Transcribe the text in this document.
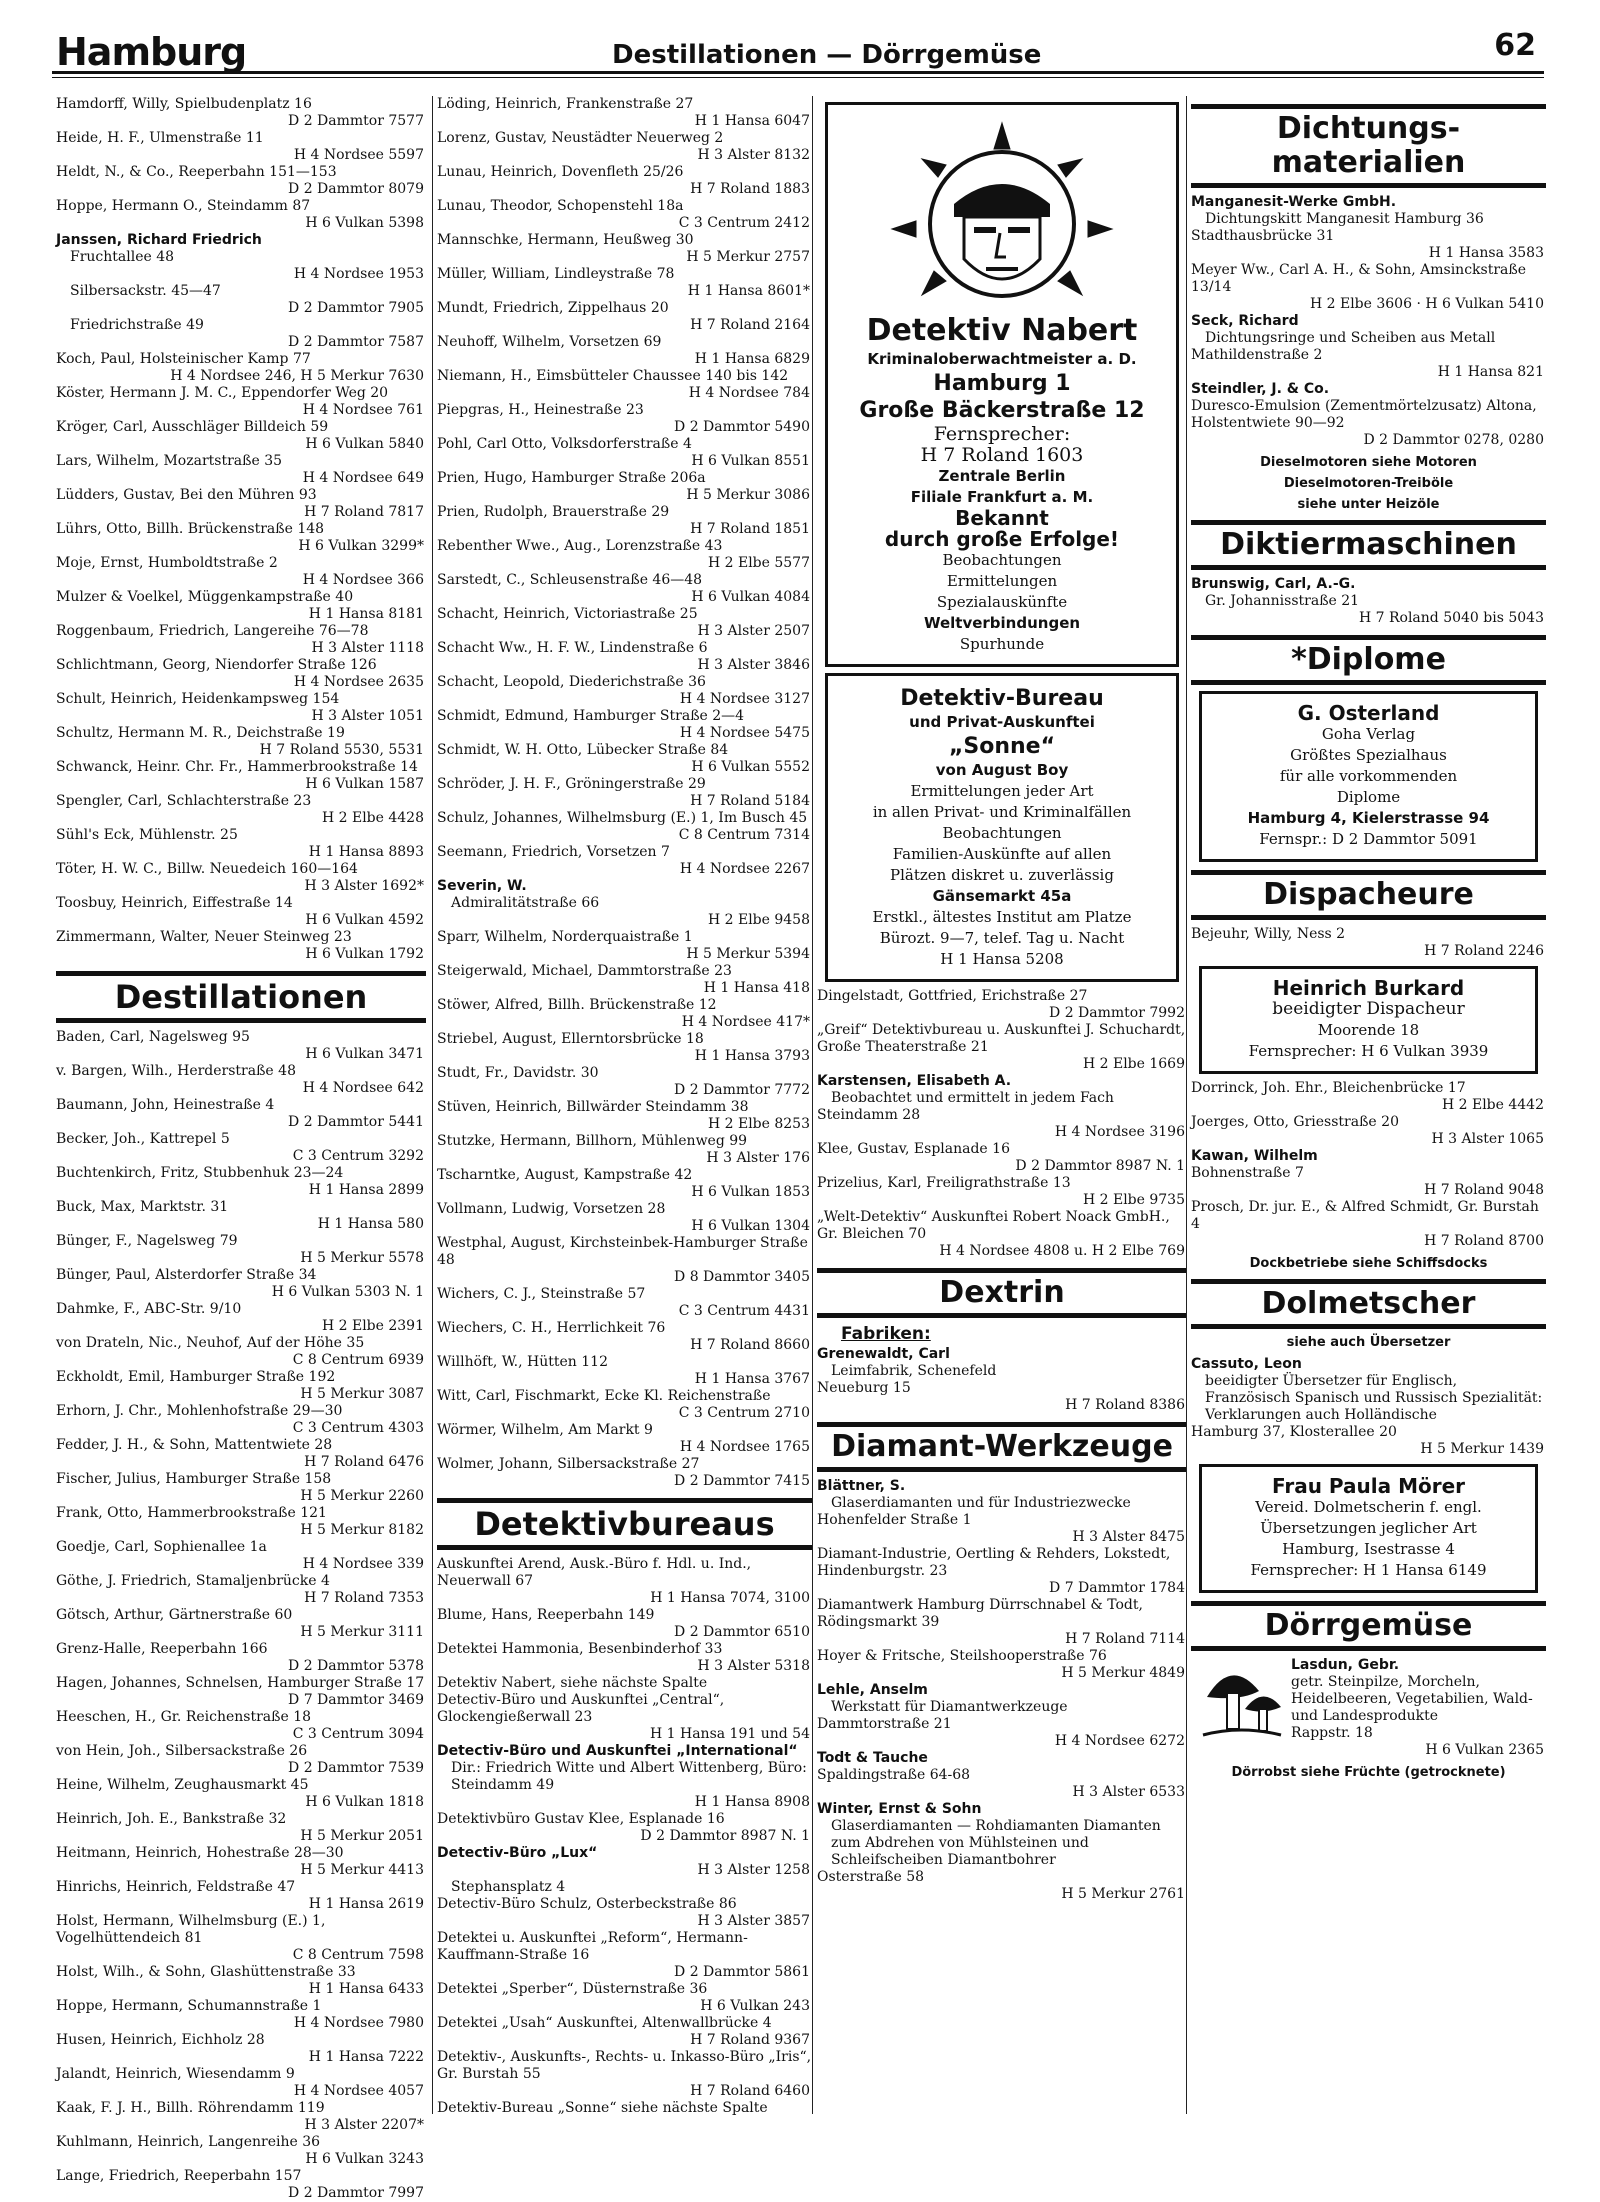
Hamburg	Destillationen — Dörrgemüse	62

Hamdorff, Willy, Spielbudenplatz 16
D 2 Dammtor 7577

Heide, H. F., Ulmenstraße 11
H 4 Nordsee 5597

Heldt, N., & Co., Reeperbahn 151—153
D 2 Dammtor 8079

Hoppe, Hermann O., Steindamm 87
H 6 Vulkan 5398

Janssen, Richard Friedrich

Fruchtallee 48
H 4 Nordsee 1953

Silbersackstr. 45—47
D 2 Dammtor 7905

Friedrichstraße 49
D 2 Dammtor 7587

Koch, Paul, Holsteinischer Kamp 77
H 4 Nordsee 246, H 5 Merkur 7630

Köster, Hermann J. M. C., Eppendorfer Weg 20
H 4 Nordsee 761

Kröger, Carl, Ausschläger Billdeich 59
H 6 Vulkan 5840

Lars, Wilhelm, Mozartstraße 35
H 4 Nordsee 649

Lüdders, Gustav, Bei den Mühren 93
H 7 Roland 7817

Lührs, Otto, Billh. Brückenstraße 148
H 6 Vulkan 3299*

Moje, Ernst, Humboldtstraße 2
H 4 Nordsee 366

Mulzer & Voelkel, Müggenkampstraße 40
H 1 Hansa 8181

Roggenbaum, Friedrich, Langereihe 76—78
H 3 Alster 1118

Schlichtmann, Georg, Niendorfer Straße 126
H 4 Nordsee 2635

Schult, Heinrich, Heidenkampsweg 154
H 3 Alster 1051

Schultz, Hermann M. R., Deichstraße 19
H 7 Roland 5530, 5531

Schwanck, Heinr. Chr. Fr., Hammerbrookstraße 14
H 6 Vulkan 1587

Spengler, Carl, Schlachterstraße 23
H 2 Elbe 4428

Sühl's Eck, Mühlenstr. 25
H 1 Hansa 8893

Töter, H. W. C., Billw. Neuedeich 160—164
H 3 Alster 1692*

Toosbuy, Heinrich, Eiffestraße 14
H 6 Vulkan 4592

Zimmermann, Walter, Neuer Steinweg 23
H 6 Vulkan 1792

Destillationen

Baden, Carl, Nagelsweg 95
H 6 Vulkan 3471

v. Bargen, Wilh., Herderstraße 48
H 4 Nordsee 642

Baumann, John, Heinestraße 4
D 2 Dammtor 5441

Becker, Joh., Kattrepel 5
C 3 Centrum 3292

Buchtenkirch, Fritz, Stubbenhuk 23—24
H 1 Hansa 2899

Buck, Max, Marktstr. 31
H 1 Hansa 580

Bünger, F., Nagelsweg 79
H 5 Merkur 5578

Bünger, Paul, Alsterdorfer Straße 34
H 6 Vulkan 5303 N. 1

Dahmke, F., ABC-Str. 9/10
H 2 Elbe 2391

von Drateln, Nic., Neuhof, Auf der Höhe 35
C 8 Centrum 6939

Eckholdt, Emil, Hamburger Straße 192
H 5 Merkur 3087

Erhorn, J. Chr., Mohlenhofstraße 29—30
C 3 Centrum 4303

Fedder, J. H., & Sohn, Mattentwiete 28
H 7 Roland 6476

Fischer, Julius, Hamburger Straße 158
H 5 Merkur 2260

Frank, Otto, Hammerbrookstraße 121
H 5 Merkur 8182

Goedje, Carl, Sophienallee 1a
H 4 Nordsee 339

Göthe, J. Friedrich, Stamaljenbrücke 4
H 7 Roland 7353

Götsch, Arthur, Gärtnerstraße 60
H 5 Merkur 3111

Grenz-Halle, Reeperbahn 166
D 2 Dammtor 5378

Hagen, Johannes, Schnelsen, Hamburger Straße 17
D 7 Dammtor 3469

Heeschen, H., Gr. Reichenstraße 18
C 3 Centrum 3094

von Hein, Joh., Silbersackstraße 26
D 2 Dammtor 7539

Heine, Wilhelm, Zeughausmarkt 45
H 6 Vulkan 1818

Heinrich, Joh. E., Bankstraße 32
H 5 Merkur 2051

Heitmann, Heinrich, Hohestraße 28—30
H 5 Merkur 4413

Hinrichs, Heinrich, Feldstraße 47
H 1 Hansa 2619

Holst, Hermann, Wilhelmsburg (E.) 1, Vogelhüttendeich 81
C 8 Centrum 7598

Holst, Wilh., & Sohn, Glashüttenstraße 33
H 1 Hansa 6433

Hoppe, Hermann, Schumannstraße 1
H 4 Nordsee 7980

Husen, Heinrich, Eichholz 28
H 1 Hansa 7222

Jalandt, Heinrich, Wiesendamm 9
H 4 Nordsee 4057

Kaak, F. J. H., Billh. Röhrendamm 119
H 3 Alster 2207*

Kuhlmann, Heinrich, Langenreihe 36
H 6 Vulkan 3243

Lange, Friedrich, Reeperbahn 157
D 2 Dammtor 7997

Löding, Heinrich, Frankenstraße 27
H 1 Hansa 6047

Lorenz, Gustav, Neustädter Neuerweg 2
H 3 Alster 8132

Lunau, Heinrich, Dovenfleth 25/26
H 7 Roland 1883

Lunau, Theodor, Schopenstehl 18a
C 3 Centrum 2412

Mannschke, Hermann, Heußweg 30
H 5 Merkur 2757

Müller, William, Lindleystraße 78
H 1 Hansa 8601*

Mundt, Friedrich, Zippelhaus 20
H 7 Roland 2164

Neuhoff, Wilhelm, Vorsetzen 69
H 1 Hansa 6829

Niemann, H., Eimsbütteler Chaussee 140 bis 142
H 4 Nordsee 784

Piepgras, H., Heinestraße 23
D 2 Dammtor 5490

Pohl, Carl Otto, Volksdorferstraße 4
H 6 Vulkan 8551

Prien, Hugo, Hamburger Straße 206a
H 5 Merkur 3086

Prien, Rudolph, Brauerstraße 29
H 7 Roland 1851

Rebenther Wwe., Aug., Lorenzstraße 43
H 2 Elbe 5577

Sarstedt, C., Schleusenstraße 46—48
H 6 Vulkan 4084

Schacht, Heinrich, Victoriastraße 25
H 3 Alster 2507

Schacht Ww., H. F. W., Lindenstraße 6
H 3 Alster 3846

Schacht, Leopold, Diederichstraße 36
H 4 Nordsee 3127

Schmidt, Edmund, Hamburger Straße 2—4
H 4 Nordsee 5475

Schmidt, W. H. Otto, Lübecker Straße 84
H 6 Vulkan 5552

Schröder, J. H. F., Gröningerstraße 29
H 7 Roland 5184

Schulz, Johannes, Wilhelmsburg (E.) 1, Im Busch 45
C 8 Centrum 7314

Seemann, Friedrich, Vorsetzen 7
H 4 Nordsee 2267

Severin, W.

Admiralitätstraße 66
H 2 Elbe 9458

Sparr, Wilhelm, Norderquaistraße 1
H 5 Merkur 5394

Steigerwald, Michael, Dammtorstraße 23
H 1 Hansa 418

Stöwer, Alfred, Billh. Brückenstraße 12
H 4 Nordsee 417*

Striebel, August, Ellerntorsbrücke 18
H 1 Hansa 3793

Studt, Fr., Davidstr. 30
D 2 Dammtor 7772

Stüven, Heinrich, Billwärder Steindamm 38
H 2 Elbe 8253

Stutzke, Hermann, Billhorn, Mühlenweg 99
H 3 Alster 176

Tscharntke, August, Kampstraße 42
H 6 Vulkan 1853

Vollmann, Ludwig, Vorsetzen 28
H 6 Vulkan 1304

Westphal, August, Kirchsteinbek-Hamburger Straße 48
D 8 Dammtor 3405

Wichers, C. J., Steinstraße 57
C 3 Centrum 4431

Wiechers, C. H., Herrlichkeit 76
H 7 Roland 8660

Willhöft, W., Hütten 112
H 1 Hansa 3767

Witt, Carl, Fischmarkt, Ecke Kl. Reichenstraße
C 3 Centrum 2710

Wörmer, Wilhelm, Am Markt 9
H 4 Nordsee 1765

Wolmer, Johann, Silbersackstraße 27
D 2 Dammtor 7415

Detektivbureaus

Auskunftei Arend, Ausk.-Büro f. Hdl. u. Ind., Neuerwall 67
H 1 Hansa 7074, 3100

Blume, Hans, Reeperbahn 149
D 2 Dammtor 6510

Detektei Hammonia, Besenbinderhof 33
H 3 Alster 5318

Detektiv Nabert, siehe nächste Spalte

Detectiv-Büro und Auskunftei „Central“, Glockengießerwall 23
H 1 Hansa 191 und 54

Detectiv-Büro und Auskunftei „International“

Dir.: Friedrich Witte und Albert Wittenberg, Büro: Steindamm 49
H 1 Hansa 8908

Detektivbüro Gustav Klee, Esplanade 16
D 2 Dammtor 8987 N. 1

Detectiv-Büro „Lux“
H 3 Alster 1258

Stephansplatz 4

Detectiv-Büro Schulz, Osterbeckstraße 86
H 3 Alster 3857

Detektei u. Auskunftei „Reform“, Hermann-Kauffmann-Straße 16
D 2 Dammtor 5861

Detektei „Sperber“, Düsternstraße 36
H 6 Vulkan 243

Detektei „Usah“ Auskunftei, Altenwallbrücke 4
H 7 Roland 9367

Detektiv-, Auskunfts-, Rechts- u. Inkasso-Büro „Iris“, Gr. Burstah 55
H 7 Roland 6460

Detektiv-Bureau „Sonne“ siehe nächste Spalte

Detektiv Nabert

Kriminaloberwachtmeister a. D.

Hamburg 1

Große Bäckerstraße 12

Fernsprecher:

H 7 Roland 1603

Zentrale Berlin

Filiale Frankfurt a. M.

Bekannt

durch große Erfolge!

Beobachtungen

Ermittelungen

Spezialauskünfte

Weltverbindungen

Spurhunde

Detektiv-Bureau

und Privat-Auskunftei

„Sonne“

von August Boy

Ermittelungen jeder Art

in allen Privat- und Kriminalfällen

Beobachtungen

Familien-Auskünfte auf allen

Plätzen diskret u. zuverlässig

Gänsemarkt 45a

Erstkl., ältestes Institut am Platze

Bürozt. 9—7, telef. Tag u. Nacht

H 1 Hansa 5208

Dingelstadt, Gottfried, Erichstraße 27
D 2 Dammtor 7992

„Greif“ Detektivbureau u. Auskunftei J. Schuchardt, Große Theaterstraße 21
H 2 Elbe 1669

Karstensen, Elisabeth A.

Beobachtet und ermittelt in jedem Fach

Steindamm 28
H 4 Nordsee 3196

Klee, Gustav, Esplanade 16
D 2 Dammtor 8987 N. 1

Prizelius, Karl, Freiligrathstraße 13
H 2 Elbe 9735

„Welt-Detektiv“ Auskunftei Robert Noack GmbH., Gr. Bleichen 70
H 4 Nordsee 4808 u. H 2 Elbe 769

Dextrin
Fabriken:

Grenewaldt, Carl

Leimfabrik, Schenefeld

Neueburg 15
H 7 Roland 8386

Diamant-Werkzeuge

Blättner, S.

Glaserdiamanten und für Industriezwecke

Hohenfelder Straße 1
H 3 Alster 8475

Diamant-Industrie, Oertling & Rehders, Lokstedt, Hindenburgstr. 23
D 7 Dammtor 1784

Diamantwerk Hamburg Dürrschnabel & Todt, Rödingsmarkt 39
H 7 Roland 7114

Hoyer & Fritsche, Steilshooperstraße 76
H 5 Merkur 4849

Lehle, Anselm

Werkstatt für Diamantwerkzeuge

Dammtorstraße 21
H 4 Nordsee 6272

Todt & Tauche

Spaldingstraße 64-68
H 3 Alster 6533

Winter, Ernst & Sohn

Glaserdiamanten — Rohdiamanten Diamanten zum Abdrehen von Mühlsteinen und Schleifscheiben Diamantbohrer

Osterstraße 58
H 5 Merkur 2761

Dichtungs-materialien

Manganesit-Werke GmbH.

Dichtungskitt Manganesit Hamburg 36

Stadthausbrücke 31
H 1 Hansa 3583

Meyer Ww., Carl A. H., & Sohn, Amsinckstraße 13/14
H 2 Elbe 3606 · H 6 Vulkan 5410

Seck, Richard

Dichtungsringe und Scheiben aus Metall

Mathildenstraße 2
H 1 Hansa 821

Steindler, J. & Co.

Duresco-Emulsion (Zementmörtelzusatz) Altona, Holstentwiete 90—92
D 2 Dammtor 0278, 0280

Dieselmotoren siehe Motoren
Dieselmotoren-Treiböle
siehe unter Heizöle
Diktiermaschinen

Brunswig, Carl, A.-G.

Gr. Johannisstraße 21
H 7 Roland 5040 bis 5043

*Diplome

G. Osterland

Goha Verlag

Größtes Spezialhaus

für alle vorkommenden

Diplome

Hamburg 4, Kielerstrasse 94

Fernspr.: D 2 Dammtor 5091

Dispacheure

Bejeuhr, Willy, Ness 2
H 7 Roland 2246

Heinrich Burkard

beeidigter Dispacheur

Moorende 18

Fernsprecher: H 6 Vulkan 3939

Dorrinck, Joh. Ehr., Bleichenbrücke 17
H 2 Elbe 4442

Joerges, Otto, Griesstraße 20
H 3 Alster 1065

Kawan, Wilhelm

Bohnenstraße 7
H 7 Roland 9048

Prosch, Dr. jur. E., & Alfred Schmidt, Gr. Burstah 4
H 7 Roland 8700

Dockbetriebe siehe Schiffsdocks
Dolmetscher
siehe auch Übersetzer

Cassuto, Leon

beeidigter Übersetzer für Englisch, Französisch Spanisch und Russisch Spezialität: Verklarungen auch Holländische

Hamburg 37, Klosterallee 20
H 5 Merkur 1439

Frau Paula Mörer

Vereid. Dolmetscherin f. engl.

Übersetzungen jeglicher Art

Hamburg, Isestrasse 4

Fernsprecher: H 1 Hansa 6149

Dörrgemüse

Lasdun, Gebr.

getr. Steinpilze, Morcheln, Heidelbeeren, Vegetabilien, Wald- und Landesprodukte

Rappstr. 18
H 6 Vulkan 2365

Dörrobst siehe Früchte (getrocknete)
